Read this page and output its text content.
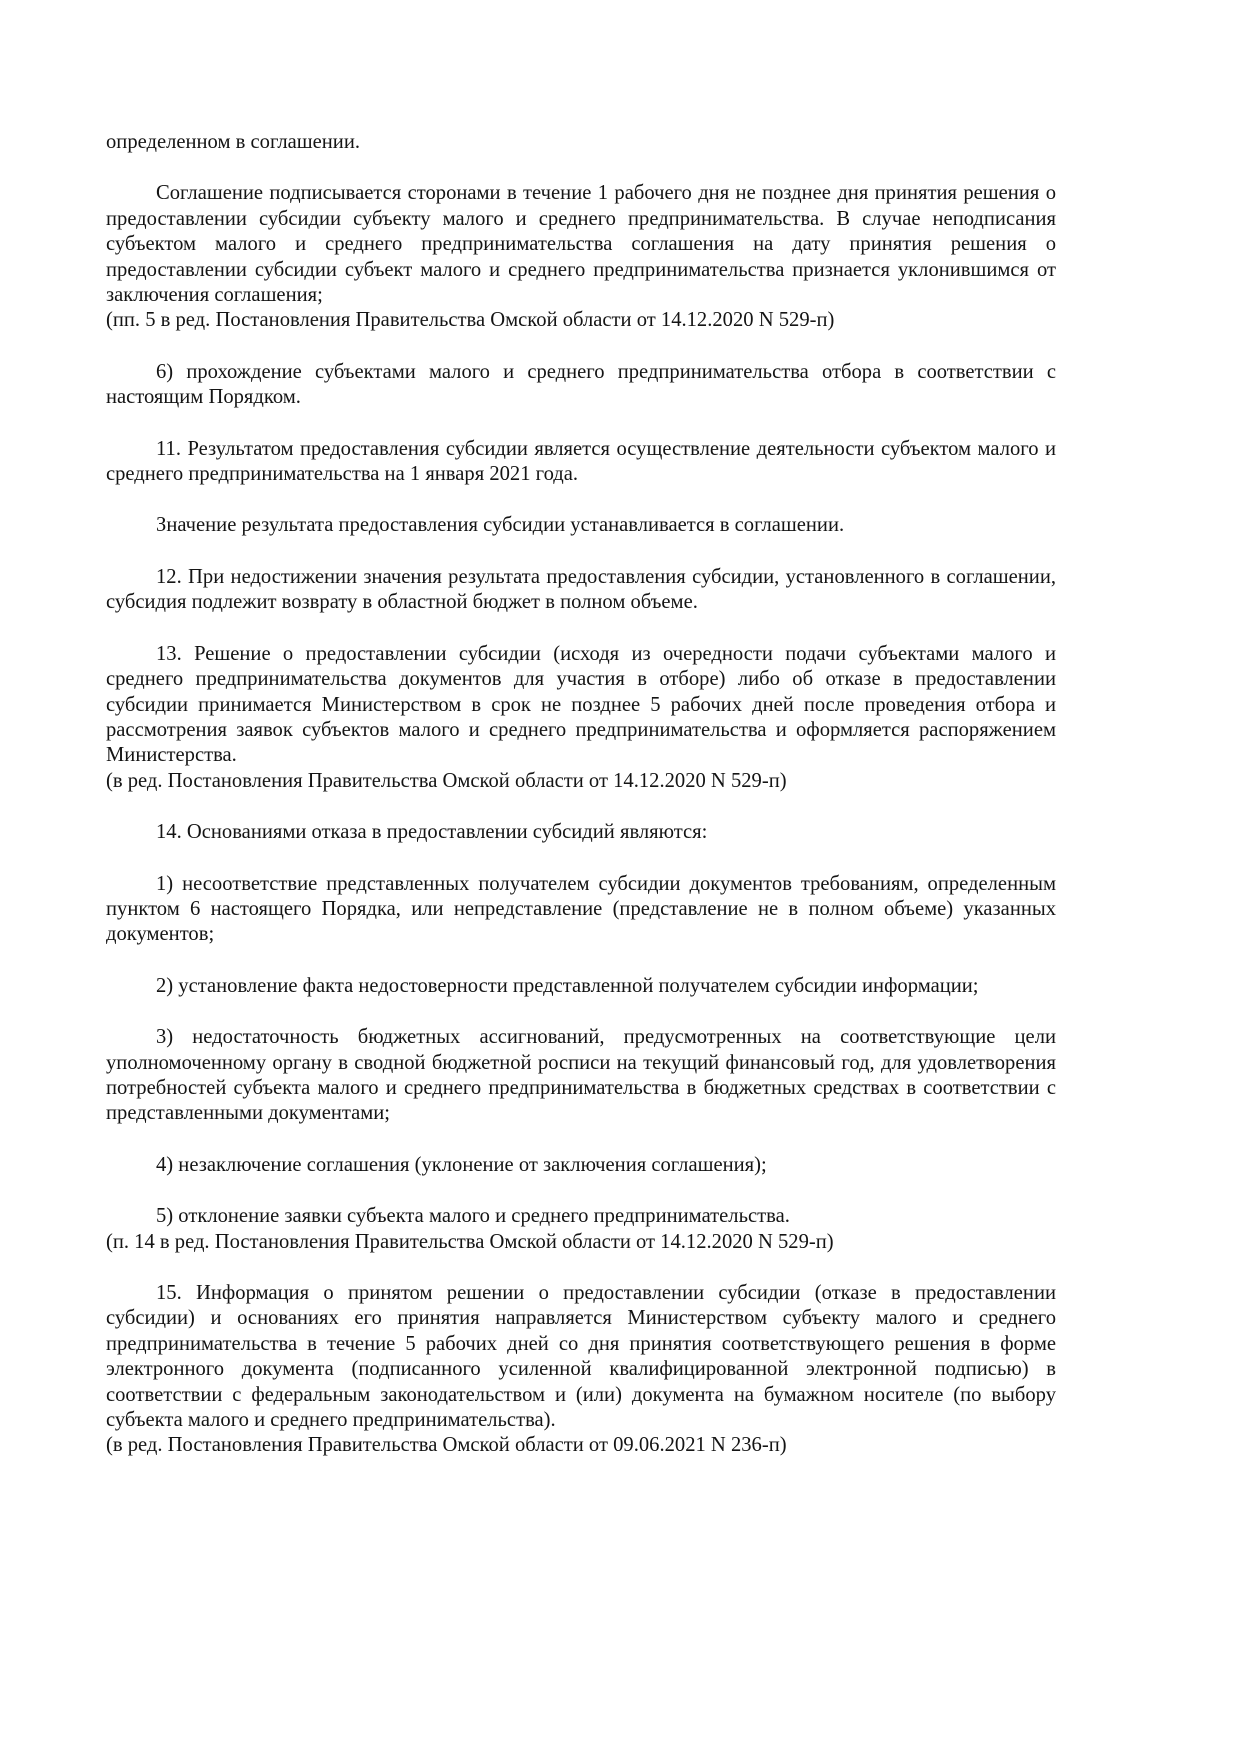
определенном в соглашении.

Соглашение подписывается сторонами в течение 1 рабочего дня не позднее дня принятия решения о предоставлении субсидии субъекту малого и среднего предпринимательства. В случае неподписания субъектом малого и среднего предпринимательства соглашения на дату принятия решения о предоставлении субсидии субъект малого и среднего предпринимательства признается уклонившимся от заключения соглашения;

(пп. 5 в ред. Постановления Правительства Омской области от 14.12.2020 N 529-п)

6) прохождение субъектами малого и среднего предпринимательства отбора в соответствии с настоящим Порядком.

11. Результатом предоставления субсидии является осуществление деятельности субъектом малого и среднего предпринимательства на 1 января 2021 года.

Значение результата предоставления субсидии устанавливается в соглашении.

12. При недостижении значения результата предоставления субсидии, установленного в соглашении, субсидия подлежит возврату в областной бюджет в полном объеме.

13. Решение о предоставлении субсидии (исходя из очередности подачи субъектами малого и среднего предпринимательства документов для участия в отборе) либо об отказе в предоставлении субсидии принимается Министерством в срок не позднее 5 рабочих дней после проведения отбора и рассмотрения заявок субъектов малого и среднего предпринимательства и оформляется распоряжением Министерства.

(в ред. Постановления Правительства Омской области от 14.12.2020 N 529-п)

14. Основаниями отказа в предоставлении субсидий являются:

1) несоответствие представленных получателем субсидии документов требованиям, определенным пунктом 6 настоящего Порядка, или непредставление (представление не в полном объеме) указанных документов;

2) установление факта недостоверности представленной получателем субсидии информации;

3) недостаточность бюджетных ассигнований, предусмотренных на соответствующие цели уполномоченному органу в сводной бюджетной росписи на текущий финансовый год, для удовлетворения потребностей субъекта малого и среднего предпринимательства в бюджетных средствах в соответствии с представленными документами;

4) незаключение соглашения (уклонение от заключения соглашения);

5) отклонение заявки субъекта малого и среднего предпринимательства.

(п. 14 в ред. Постановления Правительства Омской области от 14.12.2020 N 529-п)

15. Информация о принятом решении о предоставлении субсидии (отказе в предоставлении субсидии) и основаниях его принятия направляется Министерством субъекту малого и среднего предпринимательства в течение 5 рабочих дней со дня принятия соответствующего решения в форме электронного документа (подписанного усиленной квалифицированной электронной подписью) в соответствии с федеральным законодательством и (или) документа на бумажном носителе (по выбору субъекта малого и среднего предпринимательства).

(в ред. Постановления Правительства Омской области от 09.06.2021 N 236-п)
